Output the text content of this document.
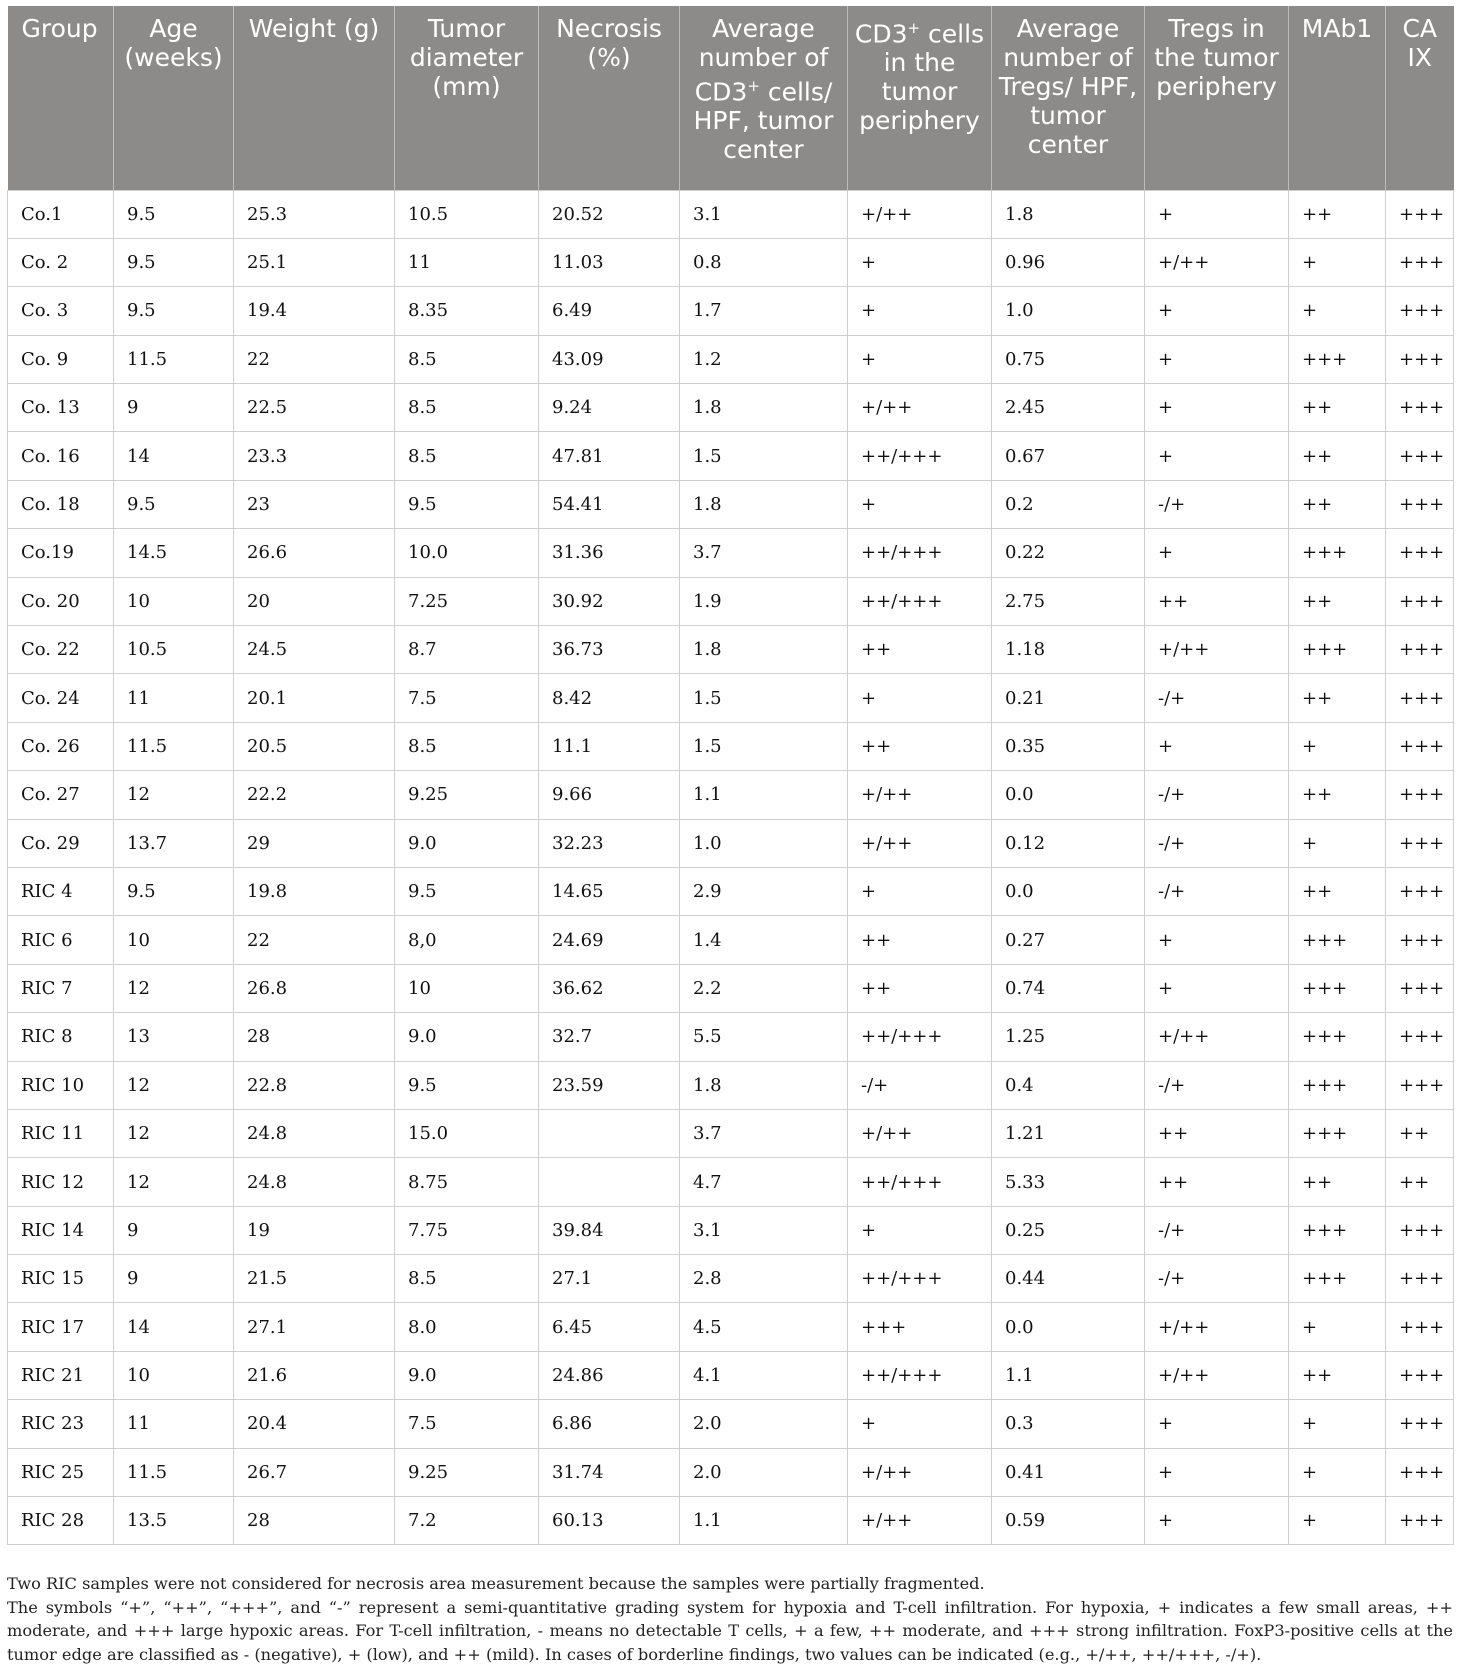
Group	Age (weeks)	Weight (g)	Tumor diameter (mm)	Necrosis (%)	Average number of CD3+ cells/ HPF, tumor center	CD3+ cells in the tumor periphery	Average number of Tregs/ HPF, tumor center	Tregs in the tumor periphery	MAb1	CA IX
Co.1	9.5	25.3	10.5	20.52	3.1	+/++	1.8	+	++	+++
Co. 2	9.5	25.1	11	11.03	0.8	+	0.96	+/++	+	+++
Co. 3	9.5	19.4	8.35	6.49	1.7	+	1.0	+	+	+++
Co. 9	11.5	22	8.5	43.09	1.2	+	0.75	+	+++	+++
Co. 13	9	22.5	8.5	9.24	1.8	+/++	2.45	+	++	+++
Co. 16	14	23.3	8.5	47.81	1.5	++/+++	0.67	+	++	+++
Co. 18	9.5	23	9.5	54.41	1.8	+	0.2	-/+	++	+++
Co.19	14.5	26.6	10.0	31.36	3.7	++/+++	0.22	+	+++	+++
Co. 20	10	20	7.25	30.92	1.9	++/+++	2.75	++	++	+++
Co. 22	10.5	24.5	8.7	36.73	1.8	++	1.18	+/++	+++	+++
Co. 24	11	20.1	7.5	8.42	1.5	+	0.21	-/+	++	+++
Co. 26	11.5	20.5	8.5	11.1	1.5	++	0.35	+	+	+++
Co. 27	12	22.2	9.25	9.66	1.1	+/++	0.0	-/+	++	+++
Co. 29	13.7	29	9.0	32.23	1.0	+/++	0.12	-/+	+	+++
RIC 4	9.5	19.8	9.5	14.65	2.9	+	0.0	-/+	++	+++
RIC 6	10	22	8,0	24.69	1.4	++	0.27	+	+++	+++
RIC 7	12	26.8	10	36.62	2.2	++	0.74	+	+++	+++
RIC 8	13	28	9.0	32.7	5.5	++/+++	1.25	+/++	+++	+++
RIC 10	12	22.8	9.5	23.59	1.8	-/+	0.4	-/+	+++	+++
RIC 11	12	24.8	15.0		3.7	+/++	1.21	++	+++	++
RIC 12	12	24.8	8.75		4.7	++/+++	5.33	++	++	++
RIC 14	9	19	7.75	39.84	3.1	+	0.25	-/+	+++	+++
RIC 15	9	21.5	8.5	27.1	2.8	++/+++	0.44	-/+	+++	+++
RIC 17	14	27.1	8.0	6.45	4.5	+++	0.0	+/++	+	+++
RIC 21	10	21.6	9.0	24.86	4.1	++/+++	1.1	+/++	++	+++
RIC 23	11	20.4	7.5	6.86	2.0	+	0.3	+	+	+++
RIC 25	11.5	26.7	9.25	31.74	2.0	+/++	0.41	+	+	+++
RIC 28	13.5	28	7.2	60.13	1.1	+/++	0.59	+	+	+++

Two RIC samples were not considered for necrosis area measurement because the samples were partially fragmented.

The symbols “+”, “++”, “+++”, and “-” represent a semi-quantitative grading system for hypoxia and T-cell infiltration. For hypoxia, + indicates a few small areas, ++ moderate, and +++ large hypoxic areas. For T-cell infiltration, - means no detectable T cells, + a few, ++ moderate, and +++ strong infiltration. FoxP3-positive cells at the tumor edge are classified as - (negative), + (low), and ++ (mild). In cases of borderline findings, two values can be indicated (e.g., +/++, ++/+++, -/+).
